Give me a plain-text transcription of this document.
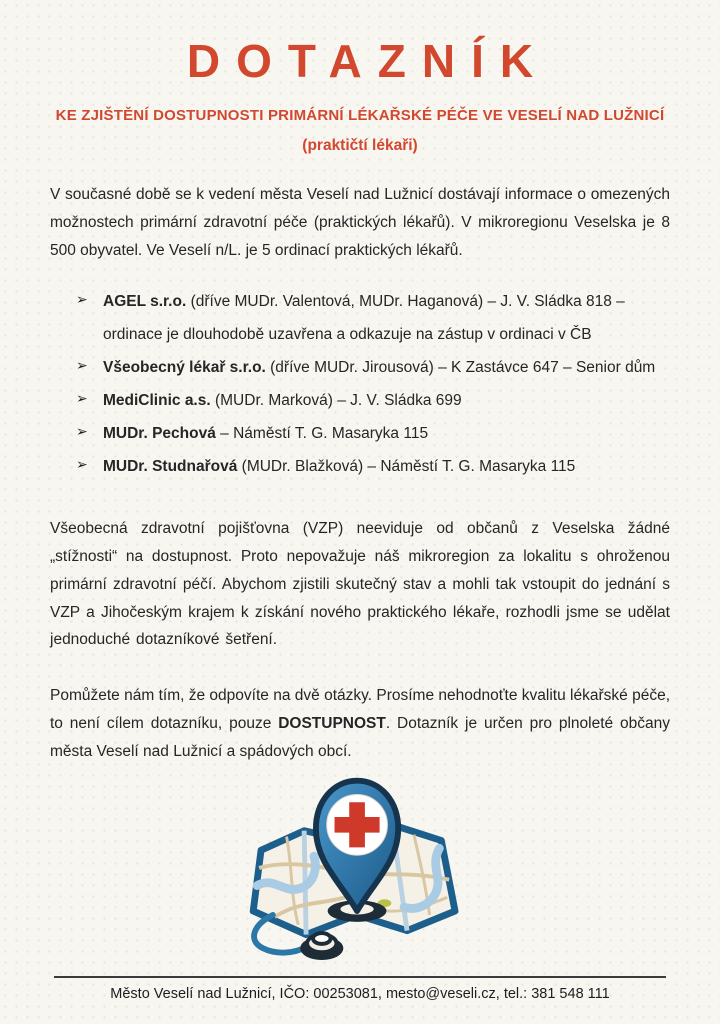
DOTAZNÍK
KE ZJIŠTĚNÍ DOSTUPNOSTI PRIMÁRNÍ LÉKAŘSKÉ PÉČE VE VESELÍ NAD LUŽNICÍ
(praktičtí lékaři)

V současné době se k vedení města Veselí nad Lužnicí dostávají informace o omezených možnostech primární zdravotní péče (praktických lékařů). V mikroregionu Veselska je 8 500 obyvatel. Ve Veselí n/L. je 5 ordinací praktických lékařů.

➢ AGEL s.r.o. (dříve MUDr. Valentová, MUDr. Haganová) – J. V. Sládka 818 – ordinace je dlouhodobě uzavřena a odkazuje na zástup v ordinaci v ČB
➢ Všeobecný lékař s.r.o. (dříve MUDr. Jirousová) – K Zastávce 647 – Senior dům
➢ MediClinic a.s. (MUDr. Marková) – J. V. Sládka 699
➢ MUDr. Pechová – Náměstí T. G. Masaryka 115
➢ MUDr. Studnařová (MUDr. Blažková) – Náměstí T. G. Masaryka 115

Všeobecná zdravotní pojišťovna (VZP) neeviduje od občanů z Veselska žádné „stížnosti“ na dostupnost. Proto nepovažuje náš mikroregion za lokalitu s ohroženou primární zdravotní péčí. Abychom zjistili skutečný stav a mohli tak vstoupit do jednání s VZP a Jihočeským krajem k získání nového praktického lékaře, rozhodli jsme se udělat jednoduché dotazníkové šetření.

Pomůžete nám tím, že odpovíte na dvě otázky. Prosíme nehodnoťte kvalitu lékařské péče, to není cílem dotazníku, pouze DOSTUPNOST. Dotazník je určen pro plnoleté občany města Veselí nad Lužnicí a spádových obcí.

Město Veselí nad Lužnicí, IČO: 00253081, mesto@veseli.cz, tel.: 381 548 111
